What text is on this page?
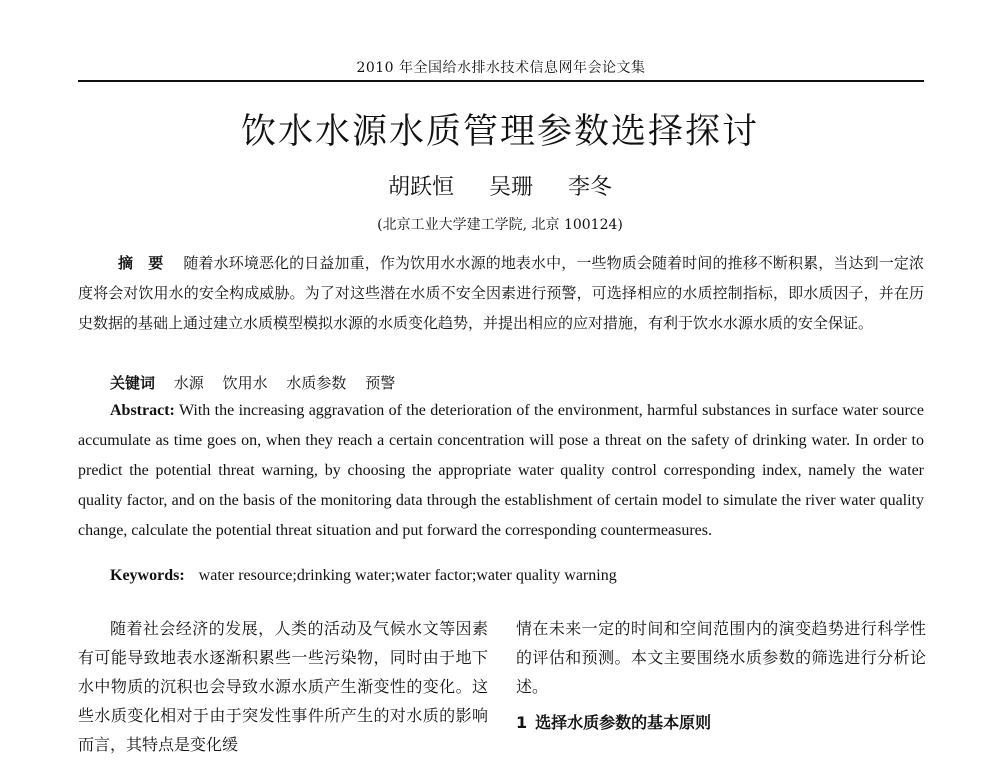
2010 年全国给水排水技术信息网年会论文集
饮水水源水质管理参数选择探讨
胡跃恒 吴珊 李冬
(北京工业大学建工学院, 北京 100124)

摘　要 随着水环境恶化的日益加重，作为饮用水水源的地表水中，一些物质会随着时间的推移不断积累，当达到一定浓度将会对饮用水的安全构成威胁。为了对这些潜在水质不安全因素进行预警，可选择相应的水质控制指标，即水质因子，并在历史数据的基础上通过建立水质模型模拟水源的水质变化趋势，并提出相应的应对措施，有利于饮水水源水质的安全保证。

关键词 水源 饮用水 水质参数 预警

Abstract: With the increasing aggravation of the deterioration of the environment, harmful substances in surface water source accumulate as time goes on, when they reach a certain concentration will pose a threat on the safety of drinking water. In order to predict the potential threat warning, by choosing the appropriate water quality control corresponding index, namely the water quality factor, and on the basis of the monitoring data through the establishment of certain model to simulate the river water quality change, calculate the potential threat situation and put forward the corresponding countermeasures.

Keywords: water resource;drinking water;water factor;water quality warning

随着社会经济的发展，人类的活动及气候水文等因素有可能导致地表水逐渐积累些一些污染物，同时由于地下水中物质的沉积也会导致水源水质产生渐变性的变化。这些水质变化相对于由于突发性事件所产生的对水质的影响而言，其特点是变化缓

情在未来一定的时间和空间范围内的演变趋势进行科学性的评估和预测。本文主要围绕水质参数的筛选进行分析论述。

1 选择水质参数的基本原则
